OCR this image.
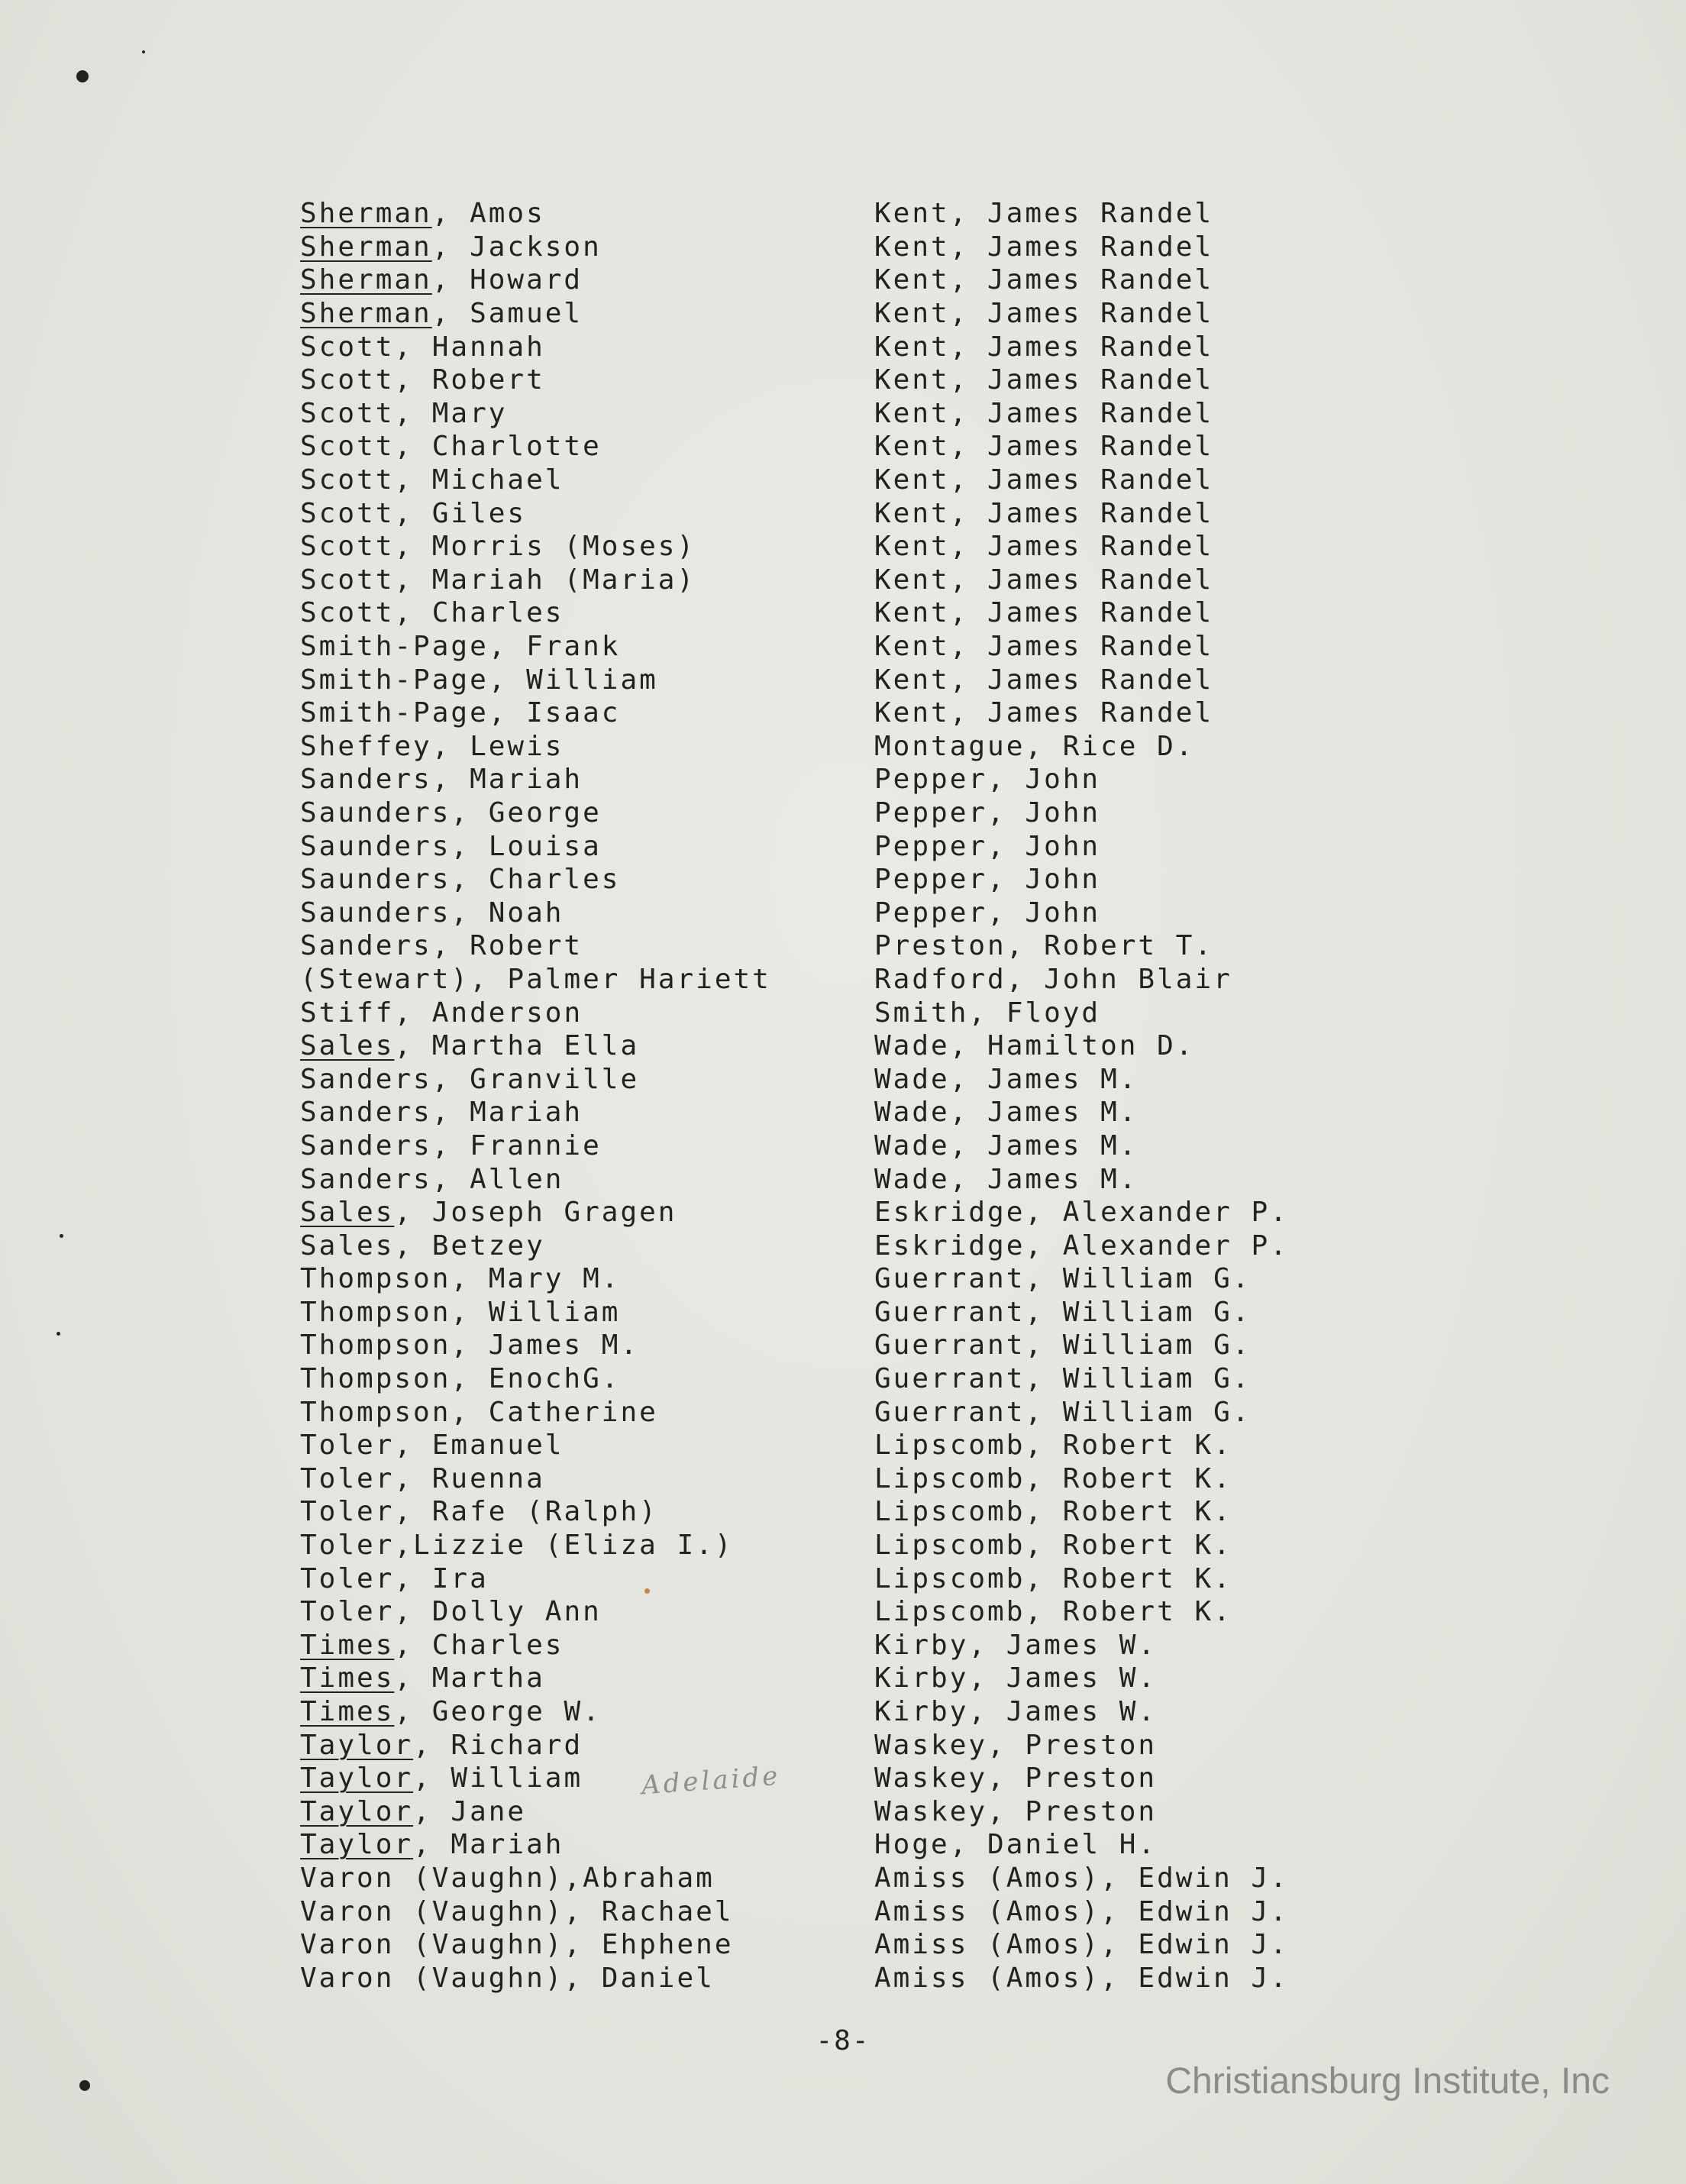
Sherman , Amos	Kent, James Randel
Sherman , Jackson	Kent, James Randel
Sherman , Howard	Kent, James Randel
Sherman , Samuel	Kent, James Randel
Scott , Hannah	Kent, James Randel
Scott , Robert	Kent, James Randel
Scott , Mary	Kent, James Randel
Scott , Charlotte	Kent, James Randel
Scott , Michael	Kent, James Randel
Scott , Giles	Kent, James Randel
Scott , Morris (Moses)	Kent, James Randel
Scott , Mariah (Maria)	Kent, James Randel
Scott , Charles	Kent, James Randel
Smith-Page , Frank	Kent, James Randel
Smith-Page , William	Kent, James Randel
Smith-Page , Isaac	Kent, James Randel
Sheffey , Lewis	Montague, Rice D.
Sanders , Mariah	Pepper, John
Saunders , George	Pepper, John
Saunders , Louisa	Pepper, John
Saunders , Charles	Pepper, John
Saunders , Noah	Pepper, John
Sanders , Robert	Preston, Robert T.
(Stewart) , Palmer Hariett	Radford, John Blair
Stiff , Anderson	Smith, Floyd
Sales , Martha Ella	Wade, Hamilton D.
Sanders , Granville	Wade, James M.
Sanders , Mariah	Wade, James M.
Sanders , Frannie	Wade, James M.
Sanders , Allen	Wade, James M.
Sales , Joseph Gragen	Eskridge, Alexander P.
Sales , Betzey	Eskridge, Alexander P.
Thompson , Mary M.	Guerrant, William G.
Thompson , William	Guerrant, William G.
Thompson , James M.	Guerrant, William G.
Thompson , EnochG.	Guerrant, William G.
Thompson , Catherine	Guerrant, William G.
Toler , Emanuel	Lipscomb, Robert K.
Toler , Ruenna	Lipscomb, Robert K.
Toler , Rafe (Ralph)	Lipscomb, Robert K.
Toler ,Lizzie (Eliza I.)	Lipscomb, Robert K.
Toler , Ira	Lipscomb, Robert K.
Toler , Dolly Ann	Lipscomb, Robert K.
Times , Charles	Kirby, James W.
Times , Martha	Kirby, James W.
Times , George W.	Kirby, James W.
Taylor , Richard	Waskey, Preston
Taylor , William	Waskey, Preston
Taylor , Jane	Waskey, Preston
Taylor , Mariah	Hoge, Daniel H.
Varon (Vaughn),Abraham	Amiss (Amos), Edwin J.
Varon (Vaughn), Rachael	Amiss (Amos), Edwin J.
Varon (Vaughn), Ehphene	Amiss (Amos), Edwin J.
Varon (Vaughn), Daniel	Amiss (Amos), Edwin J.
Adelaide
-8-
Christiansburg Institute, Inc
